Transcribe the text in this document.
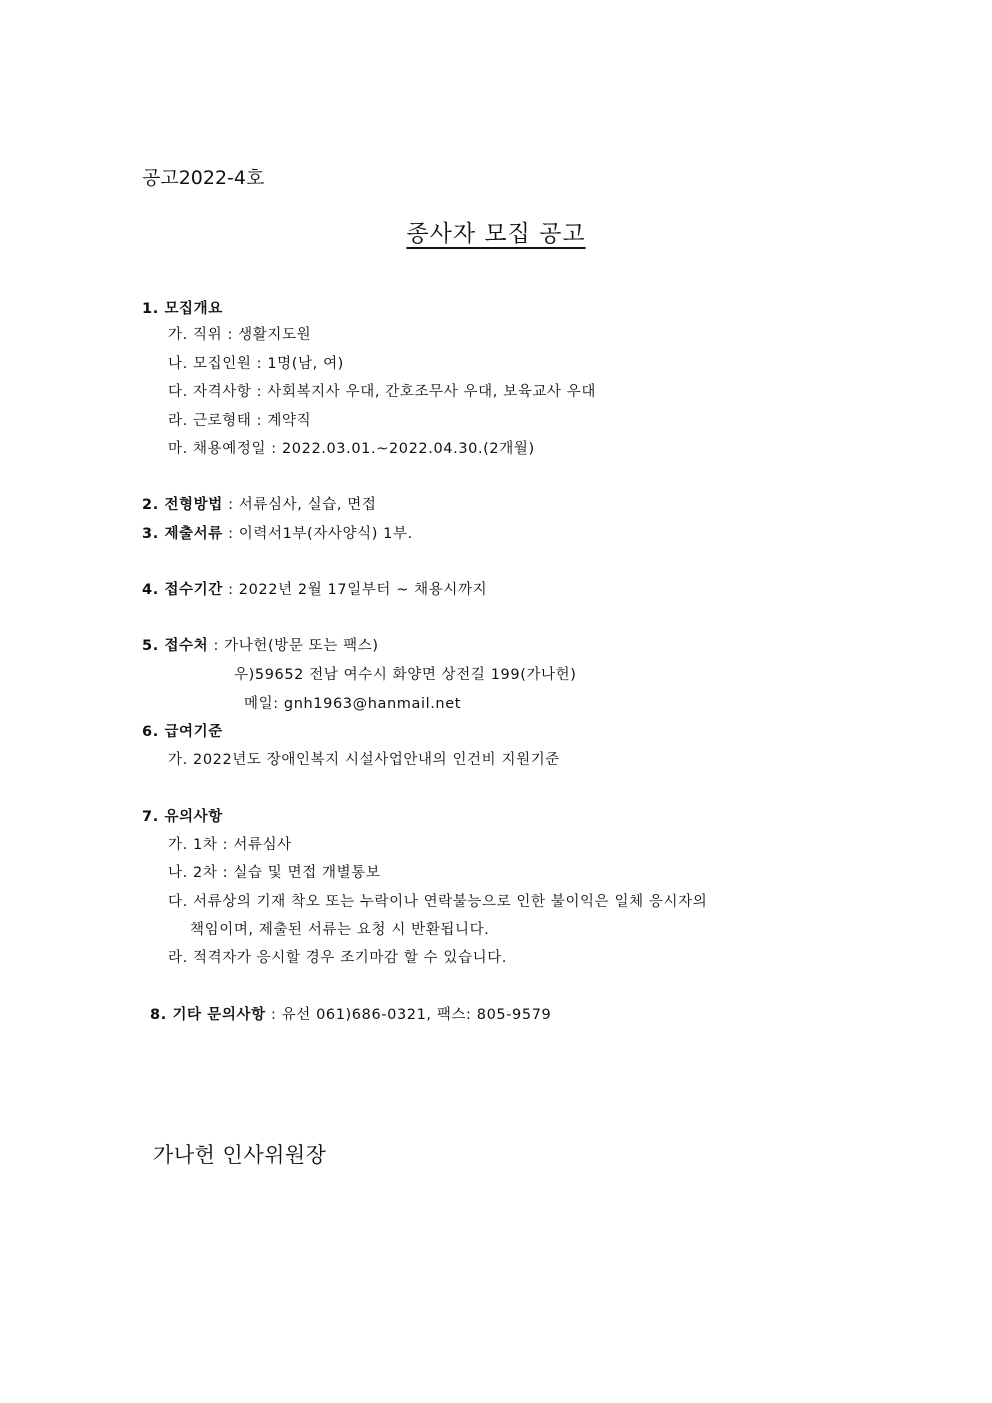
공고2022-4호
종사자 모집 공고
1. 모집개요
가. 직위 : 생활지도원
나. 모집인원 : 1명(남, 여)
다. 자격사항 : 사회복지사 우대, 간호조무사 우대, 보육교사 우대
라. 근로형태 : 계약직
마. 채용예정일 : 2022.03.01.~2022.04.30.(2개월)
2. 전형방법 : 서류심사, 실습, 면접
3. 제출서류 : 이력서1부(자사양식) 1부.
4. 접수기간 : 2022년 2월 17일부터 ~ 채용시까지
5. 접수처 : 가나헌(방문 또는 팩스)
우)59652 전남 여수시 화양면 상전길 199(가나헌)
메일: gnh1963@hanmail.net
6. 급여기준
가. 2022년도 장애인복지 시설사업안내의 인건비 지원기준
7. 유의사항
가. 1차 : 서류심사
나. 2차 : 실습 및 면접 개별통보
다. 서류상의 기재 착오 또는 누락이나 연락불능으로 인한 불이익은 일체 응시자의
책임이며, 제출된 서류는 요청 시 반환됩니다.
라. 적격자가 응시할 경우 조기마감 할 수 있습니다.
8. 기타 문의사항 : 유선 061)686-0321, 팩스: 805-9579
가나헌 인사위원장
